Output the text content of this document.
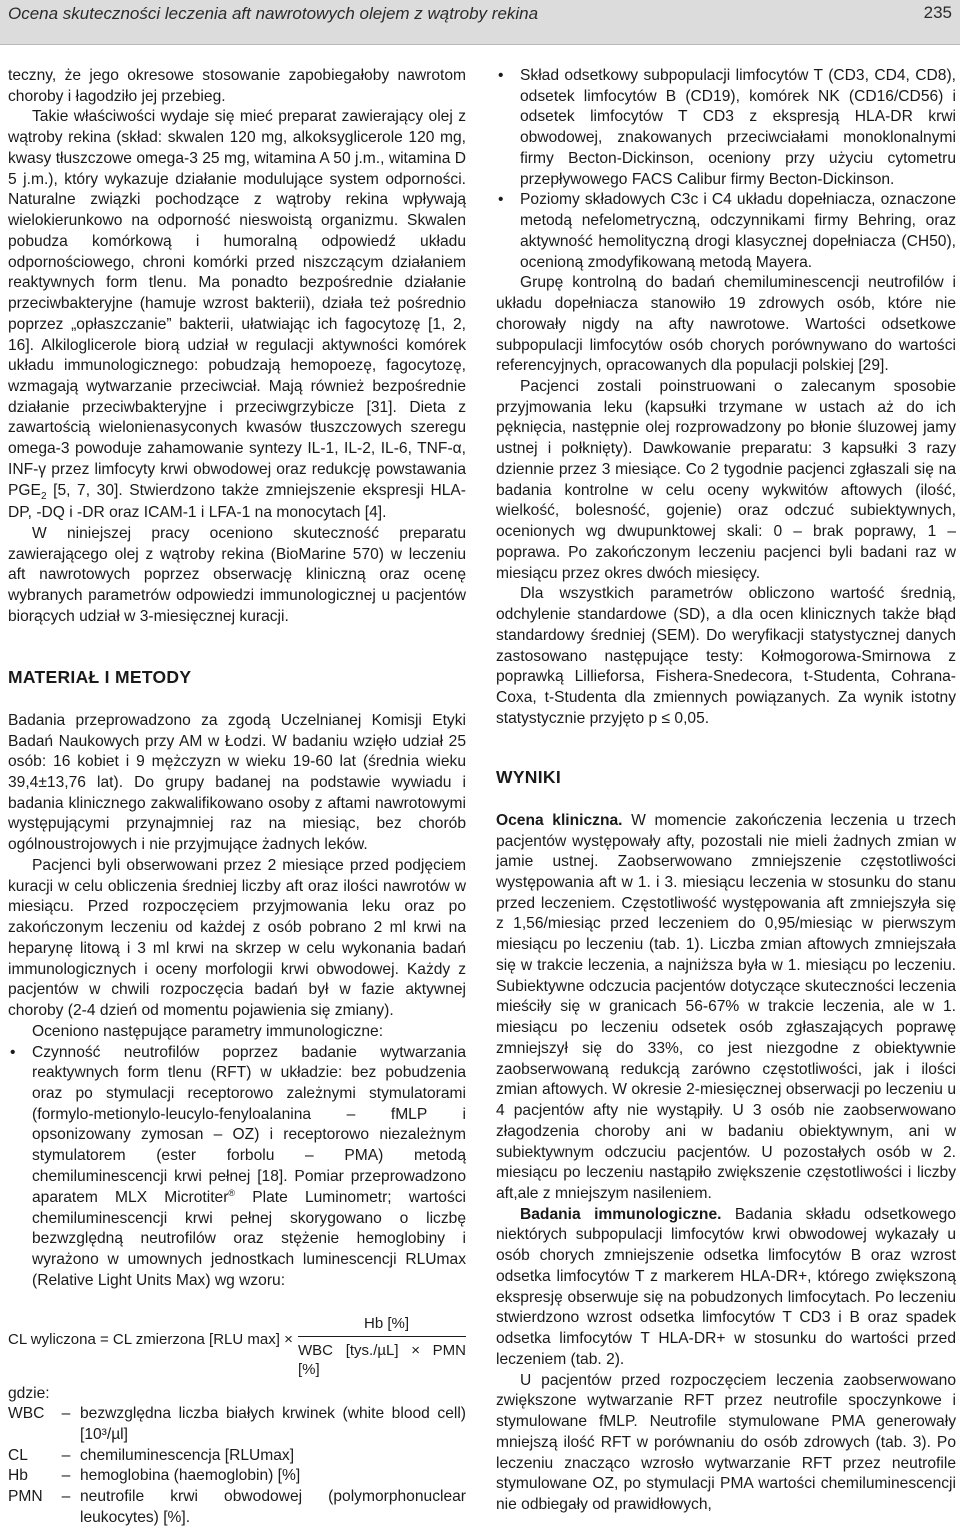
Ocena skuteczności leczenia aft nawrotowych olejem z wątroby rekina	235

teczny, że jego okresowe stosowanie zapobiegałoby nawrotom choroby i łagodziło jej przebieg.

Takie właściwości wydaje się mieć preparat zawierający olej z wątroby rekina (skład: skwalen 120 mg, alkoksyglicerole 120 mg, kwasy tłuszczowe omega-3 25 mg, witamina A 50 j.m., witamina D 5 j.m.), który wykazuje działanie modulujące system odporności. Naturalne związki pochodzące z wątroby rekina wpływają wielokierunkowo na odporność nieswoistą organizmu. Skwalen pobudza komórkową i humoralną odpowiedź układu odpornościowego, chroni komórki przed niszczącym działaniem reaktywnych form tlenu. Ma ponadto bezpośrednie działanie przeciwbakteryjne (hamuje wzrost bakterii), działa też pośrednio poprzez „opłaszczanie” bakterii, ułatwiając ich fagocytozę [1, 2, 16]. Alkiloglicerole biorą udział w regulacji aktywności komórek układu immunologicznego: pobudzają hemopoezę, fagocytozę, wzmagają wytwarzanie przeciwciał. Mają również bezpośrednie działanie przeciwbakteryjne i przeciwgrzybicze [31]. Dieta z zawartością wielonienasyconych kwasów tłuszczowych szeregu omega-3 powoduje zahamowanie syntezy IL-1, IL-2, IL-6, TNF-α, INF-γ przez limfocyty krwi obwodowej oraz redukcję powstawania $PGE_2$ [5, 7, 30]. Stwierdzono także zmniejszenie ekspresji HLA-DP, -DQ i -DR oraz ICAM-1 i LFA-1 na monocytach [4].

W niniejszej pracy oceniono skuteczność preparatu zawierającego olej z wątroby rekina (BioMarine 570) w leczeniu aft nawrotowych poprzez obserwację kliniczną oraz ocenę wybranych parametrów odpowiedzi immunologicznej u pacjentów biorących udział w 3-miesięcznej kuracji.

MATERIAŁ I METODY

Badania przeprowadzono za zgodą Uczelnianej Komisji Etyki Badań Naukowych przy AM w Łodzi. W badaniu wzięło udział 25 osób: 16 kobiet i 9 mężczyzn w wieku 19-60 lat (średnia wieku 39,4±13,76 lat). Do grupy badanej na podstawie wywiadu i badania klinicznego zakwalifikowano osoby z aftami nawrotowymi występującymi przynajmniej raz na miesiąc, bez chorób ogólnoustrojowych i nie przyjmujące żadnych leków.

Pacjenci byli obserwowani przez 2 miesiące przed podjęciem kuracji w celu obliczenia średniej liczby aft oraz ilości nawrotów w miesiącu. Przed rozpoczęciem przyjmowania leku oraz po zakończonym leczeniu od każdej z osób pobrano 2 ml krwi na heparynę litową i 3 ml krwi na skrzep w celu wykonania badań immunologicznych i oceny morfologii krwi obwodowej. Każdy z pacjentów w chwili rozpoczęcia badań był w fazie aktywnej choroby (2-4 dzień od momentu pojawienia się zmiany).

Oceniono następujące parametry immunologiczne:

• Czynność neutrofilów poprzez badanie wytwarzania reaktywnych form tlenu (RFT) w układzie: bez pobudzenia oraz po stymulacji receptorowo zależnymi stymulatorami (formylo-metionylo-leucylo-fenyloalanina – fMLP i opsonizowany zymosan – OZ) i receptorowo niezależnym stymulatorem (ester forbolu – PMA) metodą chemiluminescencji krwi pełnej [18]. Pomiar przeprowadzono aparatem MLX Microtiter® Plate Luminometr; wartości chemiluminescencji krwi pełnej skorygowano o liczbę bezwzględną neutrofilów oraz stężenie hemoglobiny i wyrażono w umownych jednostkach luminescencji RLUmax (Relative Light Units Max) wg wzoru:
CL wyliczona = CL zmierzona [RLU max] ×
Hb [%]
WBC [tys./µL] × PMN [%]

gdzie:

WBC	– bezwzględna liczba białych krwinek (white blood cell) [10³/µl]
CL	– chemiluminescencja [RLUmax]
Hb	– hemoglobina (haemoglobin) [%]
PMN	– neutrofile krwi obwodowej (polymorphonuclear leukocytes) [%].
• Skład odsetkowy subpopulacji limfocytów T (CD3, CD4, CD8), odsetek limfocytów B (CD19), komórek NK (CD16/CD56) i odsetek limfocytów T CD3 z ekspresją HLA-DR krwi obwodowej, znakowanych przeciwciałami monoklonalnymi firmy Becton-Dickinson, oceniony przy użyciu cytometru przepływowego FACS Calibur firmy Becton-Dickinson.
• Poziomy składowych C3c i C4 układu dopełniacza, oznaczone metodą nefelometryczną, odczynnikami firmy Behring, oraz aktywność hemolityczną drogi klasycznej dopełniacza (CH50), ocenioną zmodyfikowaną metodą Mayera.

Grupę kontrolną do badań chemiluminescencji neutrofilów i układu dopełniacza stanowiło 19 zdrowych osób, które nie chorowały nigdy na afty nawrotowe. Wartości odsetkowe subpopulacji limfocytów osób chorych porównywano do wartości referencyjnych, opracowanych dla populacji polskiej [29].

Pacjenci zostali poinstruowani o zalecanym sposobie przyjmowania leku (kapsułki trzymane w ustach aż do ich pęknięcia, następnie olej rozprowadzony po błonie śluzowej jamy ustnej i połknięty). Dawkowanie preparatu: 3 kapsułki 3 razy dziennie przez 3 miesiące. Co 2 tygodnie pacjenci zgłaszali się na badania kontrolne w celu oceny wykwitów aftowych (ilość, wielkość, bolesność, gojenie) oraz odczuć subiektywnych, ocenionych wg dwupunktowej skali: 0 – brak poprawy, 1 – poprawa. Po zakończonym leczeniu pacjenci byli badani raz w miesiącu przez okres dwóch miesięcy.

Dla wszystkich parametrów obliczono wartość średnią, odchylenie standardowe (SD), a dla ocen klinicznych także błąd standardowy średniej (SEM). Do weryfikacji statystycznej danych zastosowano następujące testy: Kołmogorowa-Smirnowa z poprawką Lillieforsa, Fishera-Snedecora, t-Studenta, Cohrana-Coxa, t-Studenta dla zmiennych powiązanych. Za wynik istotny statystycznie przyjęto p ≤ 0,05.

WYNIKI

Ocena kliniczna. W momencie zakończenia leczenia u trzech pacjentów występowały afty, pozostali nie mieli żadnych zmian w jamie ustnej. Zaobserwowano zmniejszenie częstotliwości występowania aft w 1. i 3. miesiącu leczenia w stosunku do stanu przed leczeniem. Częstotliwość występowania aft zmniejszyła się z 1,56/miesiąc przed leczeniem do 0,95/miesiąc w pierwszym miesiącu po leczeniu (tab. 1). Liczba zmian aftowych zmniejszała się w trakcie leczenia, a najniższa była w 1. miesiącu po leczeniu. Subiektywne odczucia pacjentów dotyczące skuteczności leczenia mieściły się w granicach 56-67% w trakcie leczenia, ale w 1. miesiącu po leczeniu odsetek osób zgłaszających poprawę zmniejszył się do 33%, co jest niezgodne z obiektywnie zaobserwowaną redukcją zarówno częstotliwości, jak i ilości zmian aftowych. W okresie 2-miesięcznej obserwacji po leczeniu u 4 pacjentów afty nie wystąpiły. U 3 osób nie zaobserwowano złagodzenia choroby ani w badaniu obiektywnym, ani w subiektywnym odczuciu pacjentów. U pozostałych osób w 2. miesiącu po leczeniu nastąpiło zwiększenie częstotliwości i liczby aft,ale z mniejszym nasileniem.

Badania immunologiczne. Badania składu odsetkowego niektórych subpopulacji limfocytów krwi obwodowej wykazały u osób chorych zmniejszenie odsetka limfocytów B oraz wzrost odsetka limfocytów T z markerem HLA-DR+, którego zwiększoną ekspresję obserwuje się na pobudzonych limfocytach. Po leczeniu stwierdzono wzrost odsetka limfocytów T CD3 i B oraz spadek odsetka limfocytów T HLA-DR+ w stosunku do wartości przed leczeniem (tab. 2).

U pacjentów przed rozpoczęciem leczenia zaobserwowano zwiększone wytwarzanie RFT przez neutrofile spoczynkowe i stymulowane fMLP. Neutrofile stymulowane PMA generowały mniejszą ilość RFT w porównaniu do osób zdrowych (tab. 3). Po leczeniu znacząco wzrosło wytwarzanie RFT przez neutrofile stymulowane OZ, po stymulacji PMA wartości chemiluminescencji nie odbiegały od prawidłowych,
